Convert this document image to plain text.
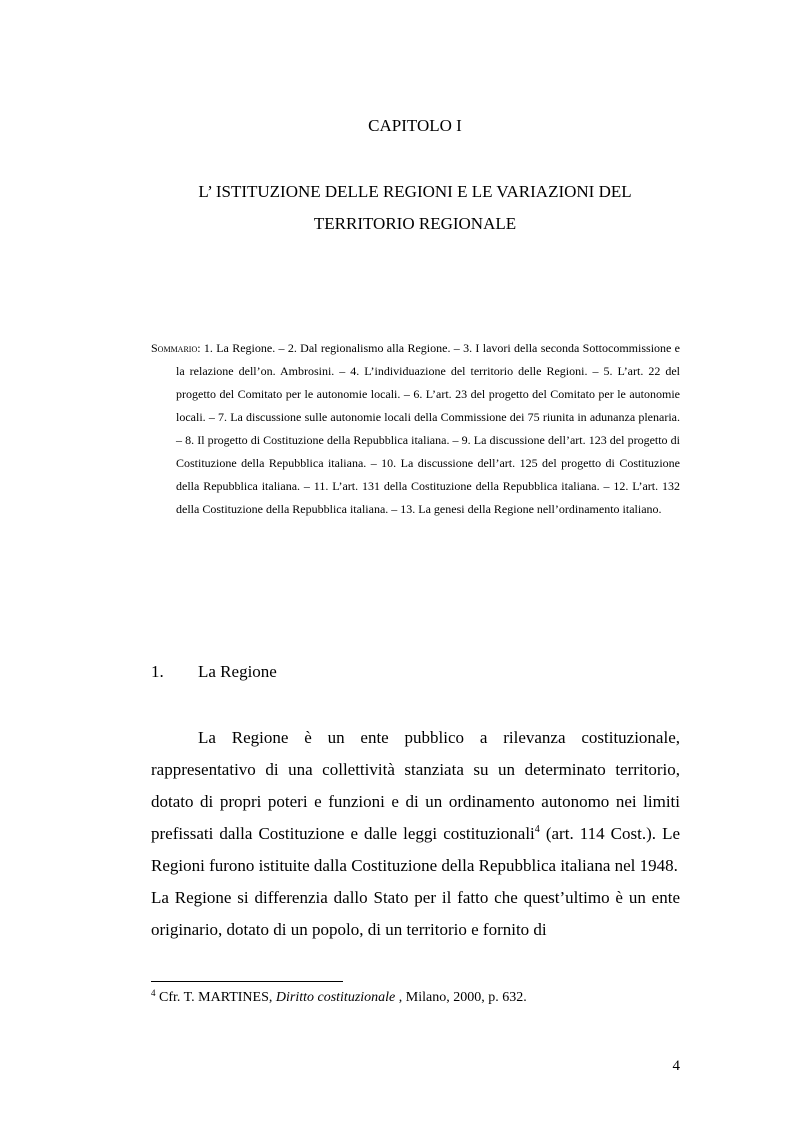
CAPITOLO I
L’ ISTITUZIONE DELLE REGIONI E LE VARIAZIONI DEL
TERRITORIO REGIONALE
Sommario: 1. La Regione. – 2. Dal regionalismo alla Regione. – 3. I lavori della seconda Sottocommissione e la relazione dell’on. Ambrosini. – 4. L’individuazione del territorio delle Regioni. – 5. L’art. 22 del progetto del Comitato per le autonomie locali. – 6. L’art. 23 del progetto del Comitato per le autonomie locali. – 7. La discussione sulle autonomie locali della Commissione dei 75 riunita in adunanza plenaria. – 8. Il progetto di Costituzione della Repubblica italiana. – 9. La discussione dell’art. 123 del progetto di Costituzione della Repubblica italiana. – 10. La discussione dell’art. 125 del progetto di Costituzione della Repubblica italiana. – 11. L’art. 131 della Costituzione della Repubblica italiana. – 12. L’art. 132 della Costituzione della Repubblica italiana. – 13. La genesi della Regione nell’ordinamento italiano.
1. La Regione

La Regione è un ente pubblico a rilevanza costituzionale, rappresentativo di una collettività stanziata su un determinato territorio, dotato di propri poteri e funzioni e di un ordinamento autonomo nei limiti prefissati dalla Costituzione e dalle leggi costituzionali$^4$ (art. 114 Cost.). Le Regioni furono istituite dalla Costituzione della Repubblica italiana nel 1948.

La Regione si differenzia dallo Stato per il fatto che quest’ultimo è un ente originario, dotato di un popolo, di un territorio e fornito di

$^4$ Cfr. T. MARTINES, Diritto costituzionale , Milano, 2000, p. 632.
4
